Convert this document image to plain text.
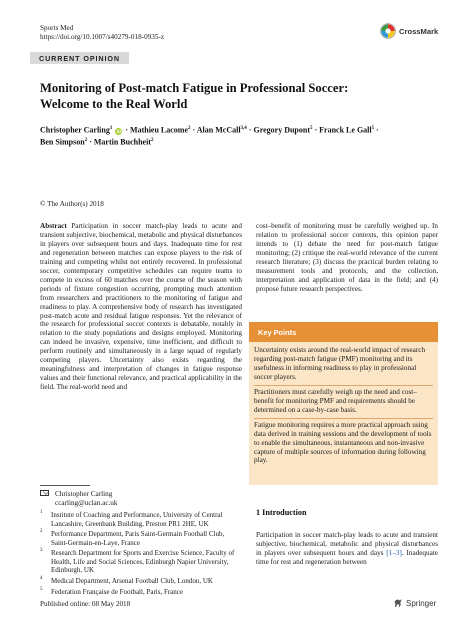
Sports Med
https://doi.org/10.1007/s40279-018-0935-z
CrossMark
CURRENT OPINION
Monitoring of Post-match Fatigue in Professional Soccer:
Welcome to the Real World
Christopher Carling$^1$ iD · Mathieu Lacome$^2$ · Alan McCall$^{3,4}$ · Gregory Dupont$^5$ · Franck Le Gall$^5$ ·
Ben Simpson$^2$ · Martin Buchheit$^2$
© The Author(s) 2018
Abstract Participation in soccer match-play leads to acute and transient subjective, biochemical, metabolic and physical disturbances in players over subsequent hours and days. Inadequate time for rest and regeneration between matches can expose players to the risk of training and competing whilst not entirely recovered. In professional soccer, contemporary competitive schedules can require teams to compete in excess of 60 matches over the course of the season with periods of fixture congestion occurring, prompting much attention from researchers and practitioners to the monitoring of fatigue and readiness to play. A comprehensive body of research has investigated post-match acute and residual fatigue responses. Yet the relevance of the research for professional soccer contexts is debatable, notably in relation to the study populations and designs employed. Monitoring can indeed be invasive, expensive, time inefficient, and difficult to perform routinely and simultaneously in a large squad of regularly competing players. Uncertainty also exists regarding the meaningfulness and interpretation of changes in fatigue response values and their functional relevance, and practical applicability in the field. The real-world need and
cost–benefit of monitoring must be carefully weighed up. In relation to professional soccer contexts, this opinion paper intends to (1) debate the need for post-match fatigue monitoring; (2) critique the real-world relevance of the current research literature; (3) discuss the practical burden relating to measurement tools and protocols, and the collection, interpretation and application of data in the field; and (4) propose future research perspectives.
Key Points
Uncertainty exists around the real-world impact of research regarding post-match fatigue (PMF) monitoring and its usefulness in informing readiness to play in professional soccer players.
Practitioners must carefully weigh up the need and cost–benefit for monitoring PMF and requirements should be determined on a case-by-case basis.
Fatigue monitoring requires a more practical approach using data derived in training sessions and the development of tools to enable the simultaneous, instantaneous and non-invasive capture of multiple sources of information during following play.
Christopher Carling
ccarling@uclan.ac.uk
1	Institute of Coaching and Performance, University of Central Lancashire, Greenbank Building, Preston PR1 2HE, UK
2	Performance Department, Paris Saint-Germain Football Club, Saint-Germain-en-Laye, France
3	Research Department for Sports and Exercise Science, Faculty of Health, Life and Social Sciences, Edinburgh Napier University, Edinburgh, UK
4	Medical Department, Arsenal Football Club, London, UK
5	Federation Française de Football, Paris, France
1 Introduction
Participation in soccer match-play leads to acute and transient subjective, biochemical, metabolic and physical disturbances in players over subsequent hours and days [1–3]. Inadequate time for rest and regeneration between
Published online: 08 May 2018	Springer
